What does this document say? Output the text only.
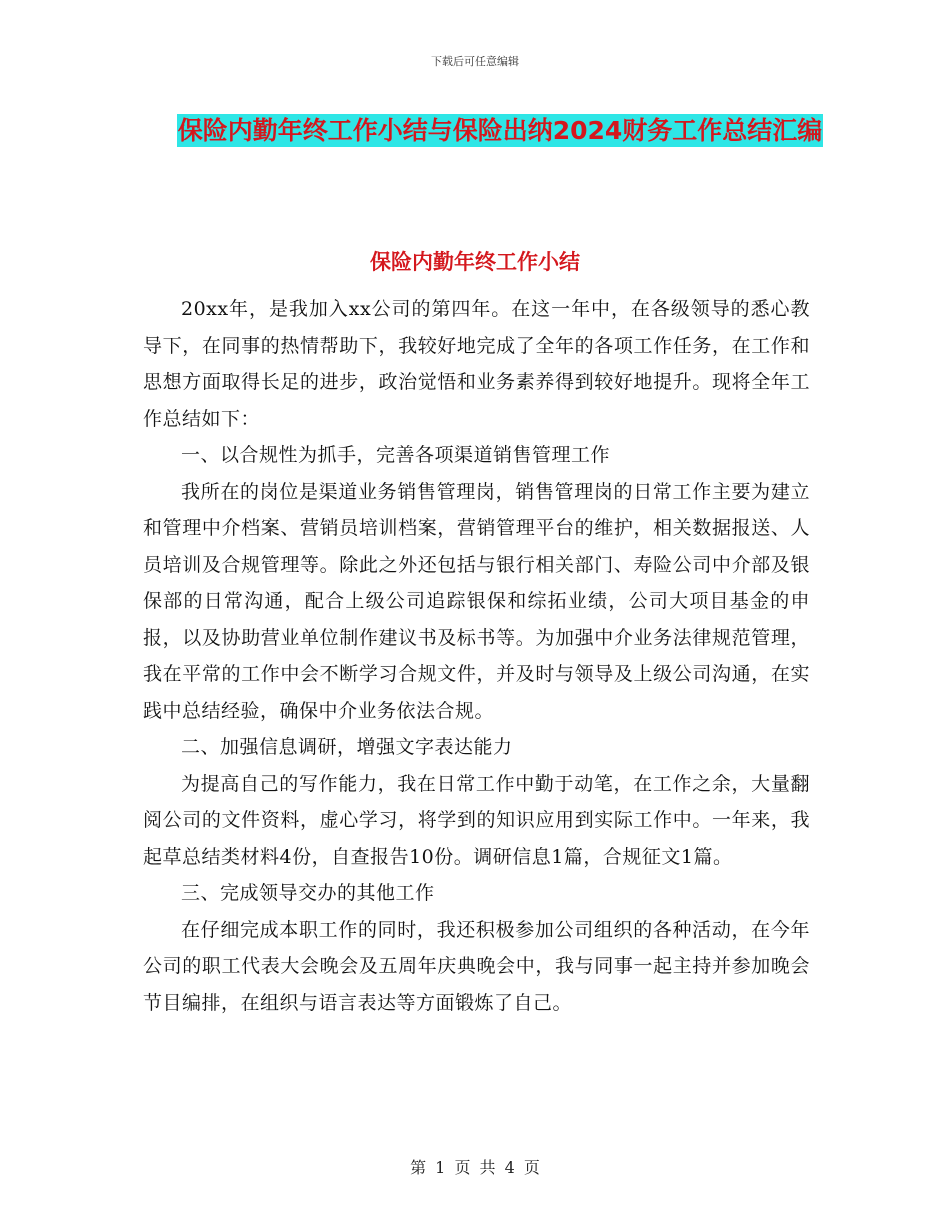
下载后可任意编辑
保险内勤年终工作小结与保险出纳2024财务工作总结汇编
保险内勤年终工作小结

20xx年，是我加入xx公司的第四年。在这一年中，在各级领导的悉心教导下，在同事的热情帮助下，我较好地完成了全年的各项工作任务，在工作和思想方面取得长足的进步，政治觉悟和业务素养得到较好地提升。现将全年工作总结如下：

一、以合规性为抓手，完善各项渠道销售管理工作

我所在的岗位是渠道业务销售管理岗，销售管理岗的日常工作主要为建立和管理中介档案、营销员培训档案，营销管理平台的维护，相关数据报送、人员培训及合规管理等。除此之外还包括与银行相关部门、寿险公司中介部及银保部的日常沟通，配合上级公司追踪银保和综拓业绩，公司大项目基金的申报，以及协助营业单位制作建议书及标书等。为加强中介业务法律规范管理，我在平常的工作中会不断学习合规文件，并及时与领导及上级公司沟通，在实践中总结经验，确保中介业务依法合规。

二、加强信息调研，增强文字表达能力

为提高自己的写作能力，我在日常工作中勤于动笔，在工作之余，大量翻阅公司的文件资料，虚心学习，将学到的知识应用到实际工作中。一年来，我起草总结类材料4份，自查报告10份。调研信息1篇，合规征文1篇。

三、完成领导交办的其他工作

在仔细完成本职工作的同时，我还积极参加公司组织的各种活动，在今年公司的职工代表大会晚会及五周年庆典晚会中，我与同事一起主持并参加晚会节目编排，在组织与语言表达等方面锻炼了自己。

第 1 页 共 4 页
